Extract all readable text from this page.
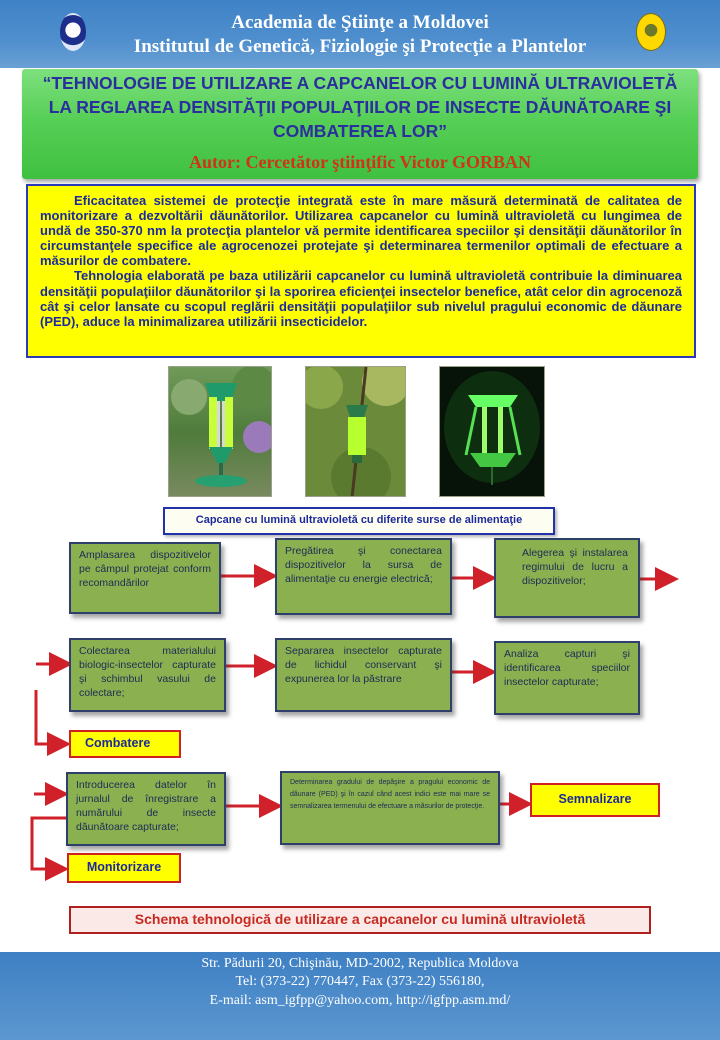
Academia de Ştiinţe a Moldovei
Institutul de Genetică, Fiziologie şi Protecţie a Plantelor
“TEHNOLOGIE DE UTILIZARE A CAPCANELOR CU LUMINĂ ULTRAVIOLETĂ
LA REGLAREA DENSITĂŢII POPULAŢIILOR DE INSECTE DĂUNĂTOARE ŞI
COMBATEREA LOR”
Autor: Cercetător ştiinţific Victor GORBAN

Eficacitatea sistemei de protecţie integrată este în mare măsură determinată de calitatea de monitorizare a dezvoltării dăunătorilor. Utilizarea capcanelor cu lumină ultravioletă cu lungimea de undă de 350-370 nm la protecţia plantelor vă permite identificarea speciilor şi densităţii dăunătorilor în circumstanţele specifice ale agrocenozei protejate şi determinarea termenilor optimali de efectuare a măsurilor de combatere.

Tehnologia elaborată pe baza utilizării capcanelor cu lumină ultravioletă contribuie la diminuarea densităţii populaţiilor dăunătorilor şi la sporirea eficienţei insectelor benefice, atât celor din agrocenoză cât şi celor lansate cu scopul reglării densităţii populaţiilor sub nivelul pragului economic de dăunare (PED), aduce la minimalizarea utilizării insecticidelor.

Capcane cu lumină ultravioletă cu diferite surse de alimentaţie
Amplasarea dispozitivelor pe câmpul protejat conform recomandărilor
Pregătirea şi conectarea dispozitivelor la sursa de alimentaţie cu energie electrică;
Alegerea şi instalarea regimului de lucru a dispozitivelor;
Colectarea materialului biologic-insectelor capturate şi schimbul vasului de colectare;
Separarea insectelor capturate de lichidul conservant şi expunerea lor la păstrare
Analiza capturi şi identificarea speciilor insectelor capturate;
Combatere
Introducerea datelor în jurnalul de înregistrare a numărului de insecte dăunătoare capturate;
Determinarea gradului de depăşire a pragului economic de dăunare (PED) şi în cazul când acest indici este mai mare se semnalizarea termenului de efectuare a măsurilor de protecţie.
Semnalizare
Monitorizare
Schema tehnologică de utilizare a capcanelor cu lumină ultravioletă
Str. Pădurii 20, Chişinău, MD-2002, Republica Moldova
Tel: (373-22) 770447, Fax (373-22) 556180,
E-mail: asm_igfpp@yahoo.com, http://igfpp.asm.md/
